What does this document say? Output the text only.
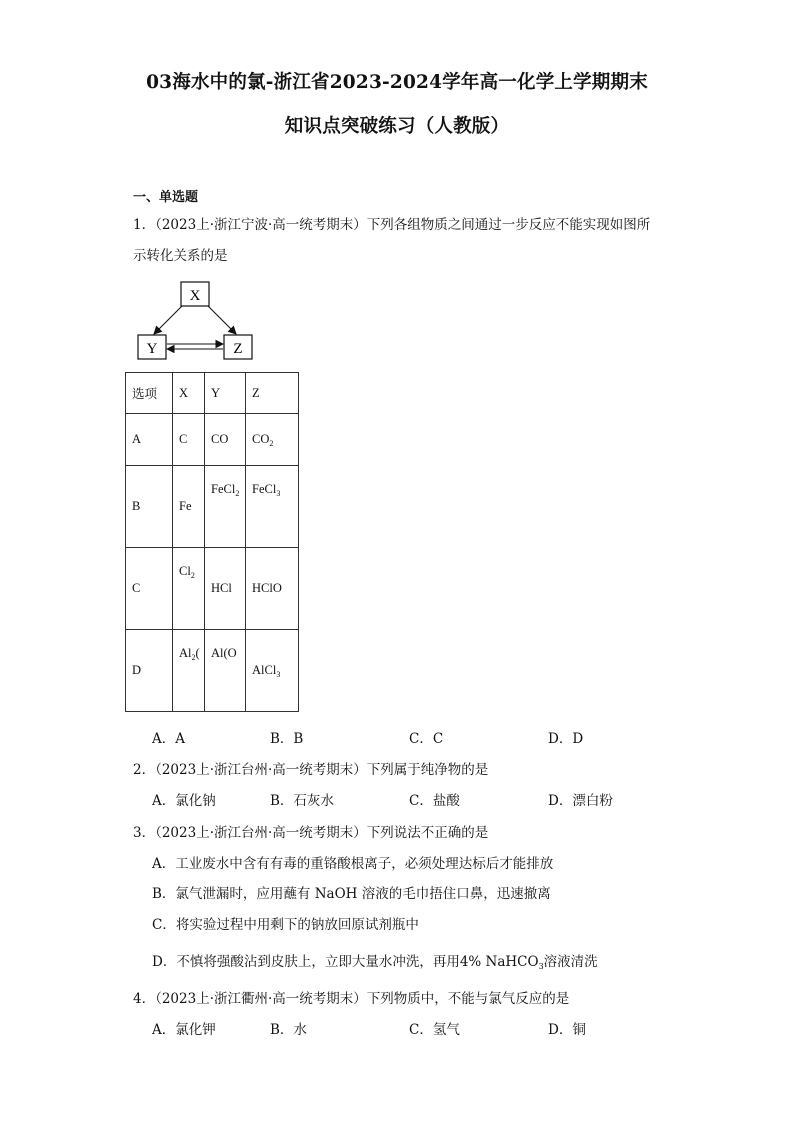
03海水中的氯-浙江省2023-2024学年高一化学上学期期末
知识点突破练习（人教版）
一、单选题
1．（2023上·浙江宁波·高一统考期末）下列各组物质之间通过一步反应不能实现如图所
示转化关系的是
X
Y	Z
选项	X	Y	Z
A	C	CO	$CO_2$
B	Fe	FeCl$_2$	FeCl$_3$
C	$Cl_2$	HCl	HClO
D	$Al_2$(	Al(O	AlCl$_3$
A．A	B．B	C．C	D．D
2．（2023上·浙江台州·高一统考期末）下列属于纯净物的是
A．氯化钠	B．石灰水	C．盐酸	D．漂白粉
3．（2023上·浙江台州·高一统考期末）下列说法不正确的是
A．工业废水中含有有毒的重铬酸根离子，必须处理达标后才能排放
B．氯气泄漏时，应用蘸有 NaOH 溶液的毛巾捂住口鼻，迅速撤离
C．将实验过程中用剩下的钠放回原试剂瓶中
D．不慎将强酸沾到皮肤上，立即大量水冲洗，再用4% NaHCO$_3$溶液清洗
4．（2023上·浙江衢州·高一统考期末）下列物质中，不能与氯气反应的是
A．氯化钾	B．水	C．氢气	D．铜
